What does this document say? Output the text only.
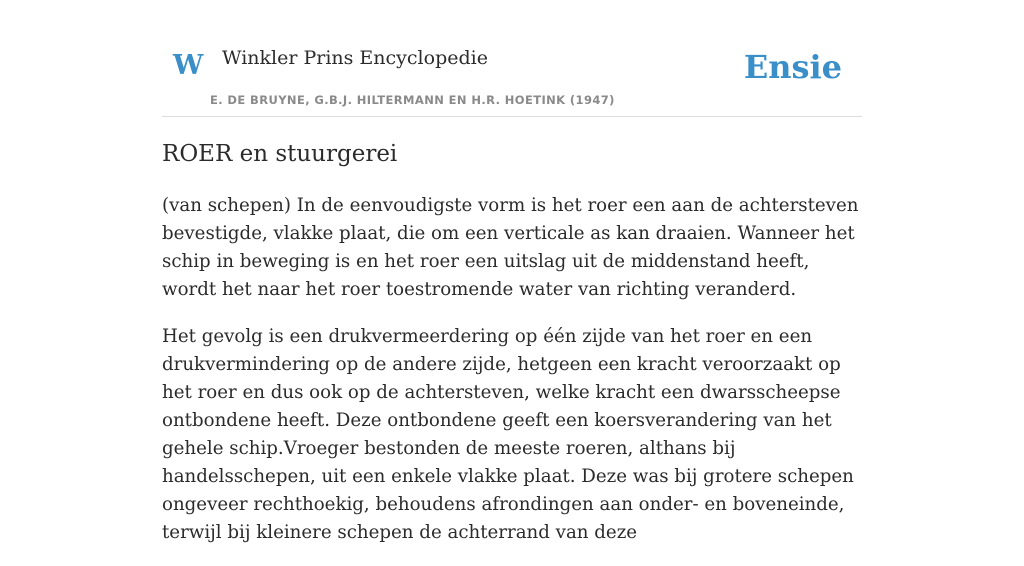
W Winkler Prins Encyclopedie
E. DE BRUYNE, G.B.J. HILTERMANN EN H.R. HOETINK (1947)
Ensie
ROER en stuurgerei

(van schepen) In de eenvoudigste vorm is het roer een aan de achtersteven bevestigde, vlakke plaat, die om een verticale as kan draaien. Wanneer het schip in beweging is en het roer een uitslag uit de middenstand heeft, wordt het naar het roer toestromende water van richting veranderd.

Het gevolg is een drukvermeerdering op één zijde van het roer en een drukvermindering op de andere zijde, hetgeen een kracht veroorzaakt op het roer en dus ook op de achtersteven, welke kracht een dwarsscheepse ontbondene heeft. Deze ontbondene geeft een koersverandering van het gehele schip.Vroeger bestonden de meeste roeren, althans bij handelsschepen, uit een enkele vlakke plaat. Deze was bij grotere schepen ongeveer rechthoekig, behoudens afrondingen aan onder- en boveneinde, terwijl bij kleinere schepen de achterrand van deze
